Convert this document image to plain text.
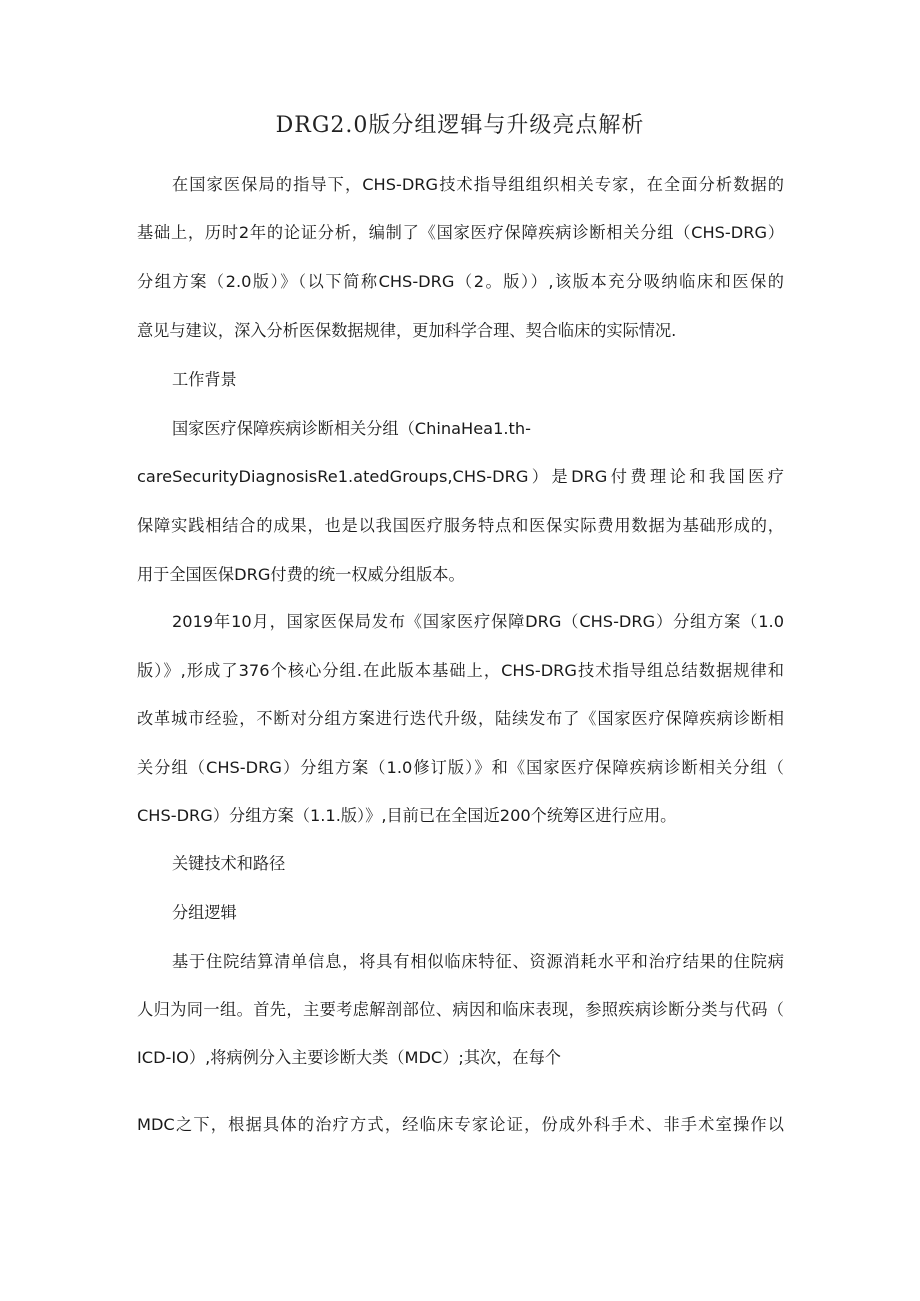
DRG2.0版分组逻辑与升级亮点解析
在国家医保局的指导下，CHS-DRG技术指导组组织相关专家，在全面分析数据的
基础上，历时2年的论证分析，编制了《国家医疗保障疾病诊断相关分组（CHS-DRG）
分组方案（2.0版）》（以下简称CHS-DRG（2。版））,该版本充分吸纳临床和医保的
意见与建议，深入分析医保数据规律，更加科学合理、契合临床的实际情况.
工作背景
国家医疗保障疾病诊断相关分组（ChinaHea1.th-
careSecurityDiagnosisRe1.atedGroups,CHS-DRG）是DRG付费理论和我国医疗
保障实践相结合的成果，也是以我国医疗服务特点和医保实际费用数据为基础形成的，
用于全国医保DRG付费的统一权威分组版本。
2019年10月，国家医保局发布《国家医疗保障DRG（CHS-DRG）分组方案（1.0
版）》,形成了376个核心分组.在此版本基础上，CHS-DRG技术指导组总结数据规律和
改革城市经验，不断对分组方案进行迭代升级，陆续发布了《国家医疗保障疾病诊断相
关分组（CHS-DRG）分组方案（1.0修订版）》和《国家医疗保障疾病诊断相关分组（
CHS-DRG）分组方案（1.1.版）》,目前已在全国近200个统筹区进行应用。
关键技术和路径
分组逻辑
基于住院结算清单信息，将具有相似临床特征、资源消耗水平和治疗结果的住院病
人归为同一组。首先，主要考虑解剖部位、病因和临床表现，参照疾病诊断分类与代码（
ICD-IO）,将病例分入主要诊断大类（MDC）;其次，在每个
MDC之下，根据具体的治疗方式，经临床专家论证，份成外科手术、非手术室操作以
